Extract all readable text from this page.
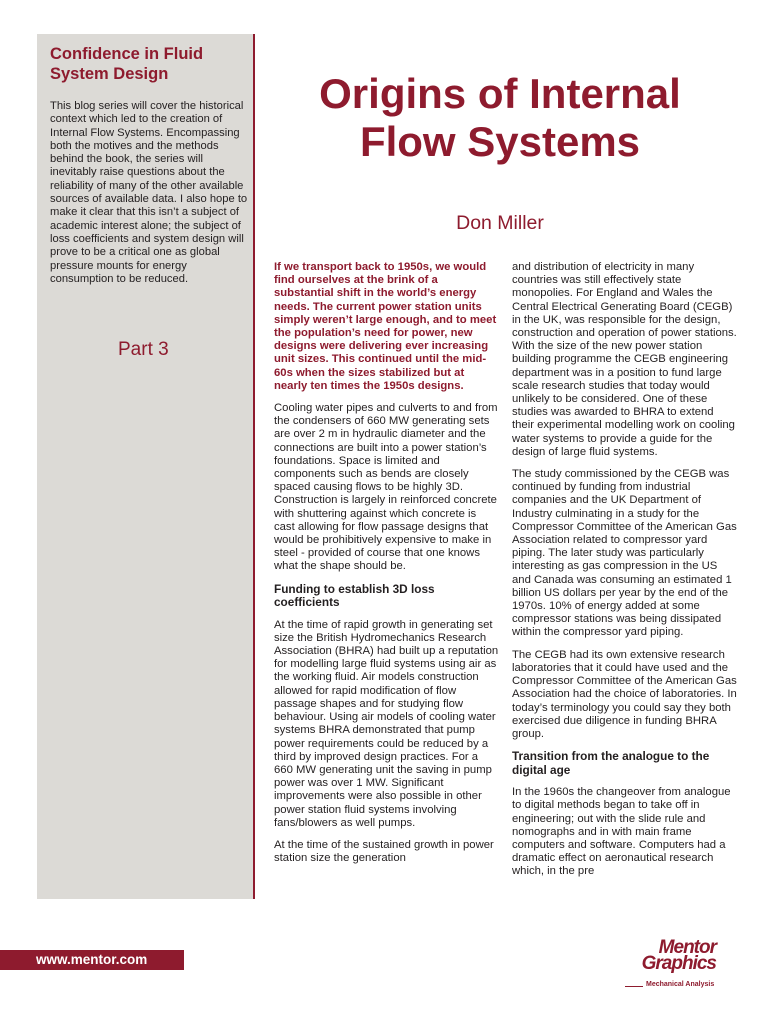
Confidence in Fluid System Design

This blog series will cover the historical context which led to the creation of Internal Flow Systems. Encompassing both the motives and the methods behind the book, the series will inevitably raise questions about the reliability of many of the other available sources of available data. I also hope to make it clear that this isn’t a subject of academic interest alone; the subject of loss coefficients and system design will prove to be a critical one as global pressure mounts for energy consumption to be reduced.

Part 3
Origins of Internal Flow Systems
Don Miller

If we transport back to 1950s, we would find ourselves at the brink of a substantial shift in the world’s energy needs. The current power station units simply weren’t large enough, and to meet the population’s need for power, new designs were delivering ever increasing unit sizes. This continued until the mid-60s when the sizes stabilized but at nearly ten times the 1950s designs.

Cooling water pipes and culverts to and from the condensers of 660 MW generating sets are over 2 m in hydraulic diameter and the connections are built into a power station’s foundations. Space is limited and components such as bends are closely spaced causing flows to be highly 3D. Construction is largely in reinforced concrete with shuttering against which concrete is cast allowing for flow passage designs that would be prohibitively expensive to make in steel - provided of course that one knows what the shape should be.

Funding to establish 3D loss coefficients

At the time of rapid growth in generating set size the British Hydromechanics Research Association (BHRA) had built up a reputation for modelling large fluid systems using air as the working fluid. Air models construction allowed for rapid modification of flow passage shapes and for studying flow behaviour. Using air models of cooling water systems BHRA demonstrated that pump power requirements could be reduced by a third by improved design practices. For a 660 MW generating unit the saving in pump power was over 1 MW. Significant improvements were also possible in other power station fluid systems involving fans/blowers as well pumps.

At the time of the sustained growth in power station size the generation

and distribution of electricity in many countries was still effectively state monopolies. For England and Wales the Central Electrical Generating Board (CEGB) in the UK, was responsible for the design, construction and operation of power stations. With the size of the new power station building programme the CEGB engineering department was in a position to fund large scale research studies that today would unlikely to be considered. One of these studies was awarded to BHRA to extend their experimental modelling work on cooling water systems to provide a guide for the design of large fluid systems.

The study commissioned by the CEGB was continued by funding from industrial companies and the UK Department of Industry culminating in a study for the Compressor Committee of the American Gas Association related to compressor yard piping. The later study was particularly interesting as gas compression in the US and Canada was consuming an estimated 1 billion US dollars per year by the end of the 1970s. 10% of energy added at some compressor stations was being dissipated within the compressor yard piping.

The CEGB had its own extensive research laboratories that it could have used and the Compressor Committee of the American Gas Association had the choice of laboratories. In today’s terminology you could say they both exercised due diligence in funding BHRA group.

Transition from the analogue to the digital age

In the 1960s the changeover from analogue to digital methods began to take off in engineering; out with the slide rule and nomographs and in with main frame computers and software. Computers had a dramatic effect on aeronautical research which, in the pre

www.mentor.com
Mentor
Graphics
Mechanical Analysis
